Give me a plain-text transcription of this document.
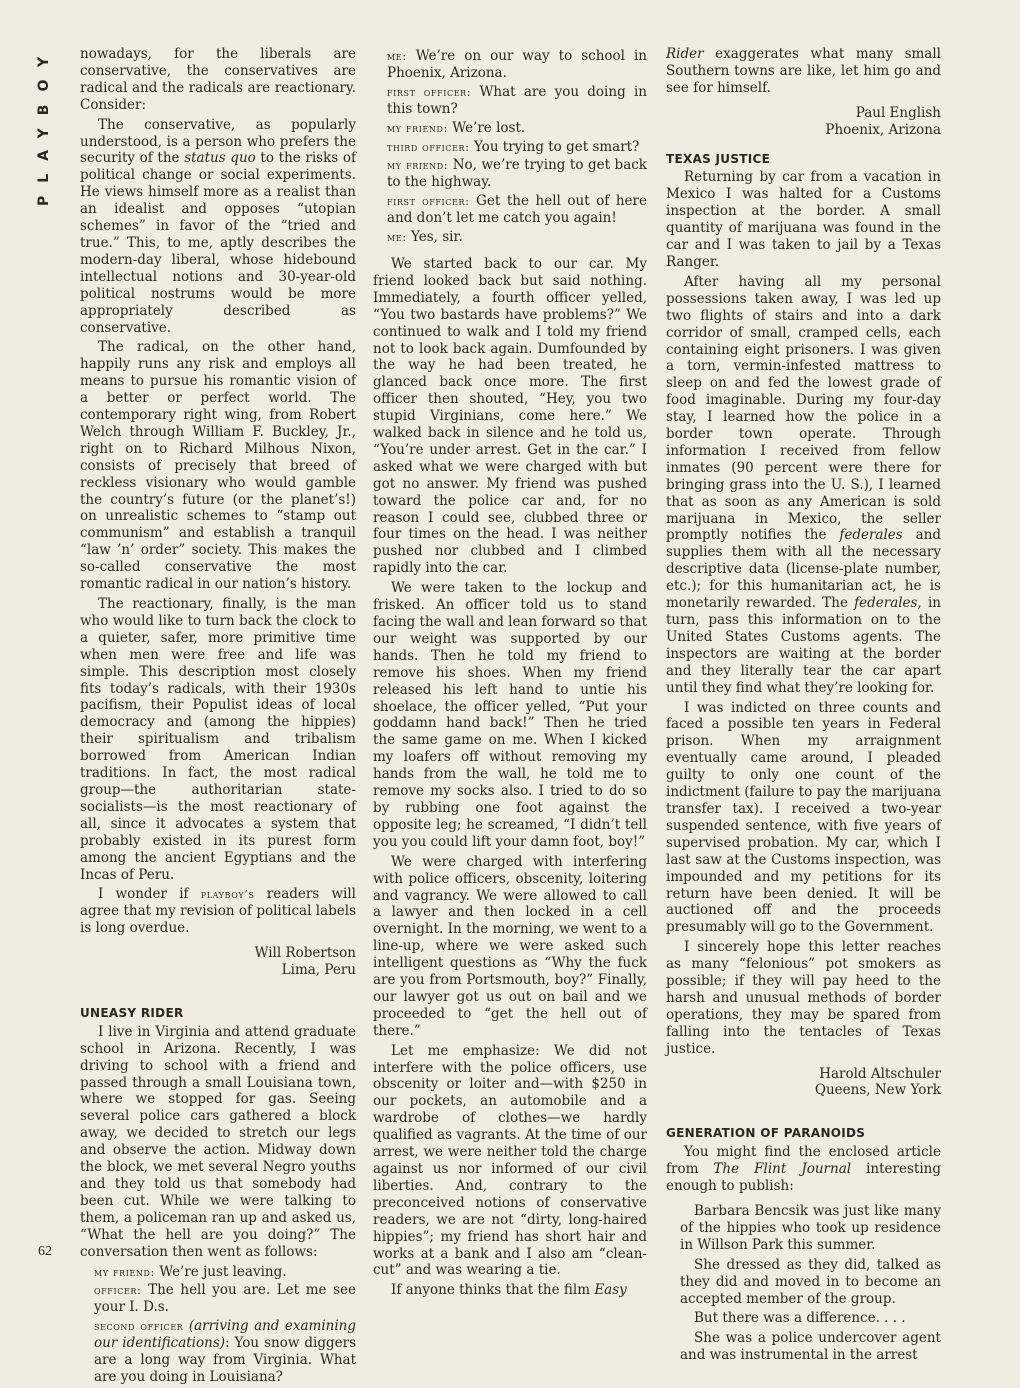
PLAYBOY
62

nowadays, for the liberals are conservative, the conservatives are radical and the radicals are reactionary. Consider:

The conservative, as popularly understood, is a person who prefers the security of the status quo to the risks of political change or social experiments. He views himself more as a realist than an idealist and opposes “utopian schemes” in favor of the “tried and true.” This, to me, aptly describes the modern-day liberal, whose hidebound intellectual notions and 30-year-old political nostrums would be more appropriately described as conservative.

The radical, on the other hand, happily runs any risk and employs all means to pursue his romantic vision of a better or perfect world. The contemporary right wing, from Robert Welch through William F. Buckley, Jr., right on to Richard Milhous Nixon, consists of precisely that breed of reckless visionary who would gamble the country’s future (or the planet’s!) on unrealistic schemes to “stamp out communism” and establish a tranquil “law ’n’ order” society. This makes the so-called conservative the most romantic radical in our nation’s history.

The reactionary, finally, is the man who would like to turn back the clock to a quieter, safer, more primitive time when men were free and life was simple. This description most closely fits today’s radicals, with their 1930s pacifism, their Populist ideas of local democracy and (among the hippies) their spiritualism and tribalism borrowed from American Indian traditions. In fact, the most radical group—the authoritarian state-socialists—is the most reactionary of all, since it advocates a system that probably existed in its purest form among the ancient Egyptians and the Incas of Peru.

I wonder if playboy’s readers will agree that my revision of political labels is long overdue.

Will Robertson
Lima, Peru
UNEASY RIDER

I live in Virginia and attend graduate school in Arizona. Recently, I was driving to school with a friend and passed through a small Louisiana town, where we stopped for gas. Seeing several police cars gathered a block away, we decided to stretch our legs and observe the action. Midway down the block, we met several Negro youths and they told us that somebody had been cut. While we were talking to them, a policeman ran up and asked us, “What the hell are you doing?” The conversation then went as follows:

my friend: We’re just leaving.

officer: The hell you are. Let me see your I. D.s.

second officer (arriving and examining our identifications): You snow diggers are a long way from Virginia. What are you doing in Louisiana?

me: We’re on our way to school in Phoenix, Arizona.

first officer: What are you doing in this town?

my friend: We’re lost.

third officer: You trying to get smart?

my friend: No, we’re trying to get back to the highway.

first officer: Get the hell out of here and don’t let me catch you again!

me: Yes, sir.

We started back to our car. My friend looked back but said nothing. Immediately, a fourth officer yelled, “You two bastards have problems?” We continued to walk and I told my friend not to look back again. Dumfounded by the way he had been treated, he glanced back once more. The first officer then shouted, “Hey, you two stupid Virginians, come here.” We walked back in silence and he told us, “You’re under arrest. Get in the car.” I asked what we were charged with but got no answer. My friend was pushed toward the police car and, for no reason I could see, clubbed three or four times on the head. I was neither pushed nor clubbed and I climbed rapidly into the car.

We were taken to the lockup and frisked. An officer told us to stand facing the wall and lean forward so that our weight was supported by our hands. Then he told my friend to remove his shoes. When my friend released his left hand to untie his shoelace, the officer yelled, “Put your goddamn hand back!” Then he tried the same game on me. When I kicked my loafers off without removing my hands from the wall, he told me to remove my socks also. I tried to do so by rubbing one foot against the opposite leg; he screamed, “I didn’t tell you you could lift your damn foot, boy!”

We were charged with interfering with police officers, obscenity, loitering and vagrancy. We were allowed to call a lawyer and then locked in a cell overnight. In the morning, we went to a line-up, where we were asked such intelligent questions as “Why the fuck are you from Portsmouth, boy?” Finally, our lawyer got us out on bail and we proceeded to “get the hell out of there.”

Let me emphasize: We did not interfere with the police officers, use obscenity or loiter and—with $250 in our pockets, an automobile and a wardrobe of clothes—we hardly qualified as vagrants. At the time of our arrest, we were neither told the charge against us nor informed of our civil liberties. And, contrary to the preconceived notions of conservative readers, we are not “dirty, long-haired hippies”; my friend has short hair and works at a bank and I also am “clean-cut” and was wearing a tie.

If anyone thinks that the film Easy

Rider exaggerates what many small Southern towns are like, let him go and see for himself.

Paul English
Phoenix, Arizona
TEXAS JUSTICE

Returning by car from a vacation in Mexico I was halted for a Customs inspection at the border. A small quantity of marijuana was found in the car and I was taken to jail by a Texas Ranger.

After having all my personal possessions taken away, I was led up two flights of stairs and into a dark corridor of small, cramped cells, each containing eight prisoners. I was given a torn, vermin-infested mattress to sleep on and fed the lowest grade of food imaginable. During my four-day stay, I learned how the police in a border town operate. Through information I received from fellow inmates (90 percent were there for bringing grass into the U. S.), I learned that as soon as any American is sold marijuana in Mexico, the seller promptly notifies the federales and supplies them with all the necessary descriptive data (license-plate number, etc.); for this humanitarian act, he is monetarily rewarded. The federales, in turn, pass this information on to the United States Customs agents. The inspectors are waiting at the border and they literally tear the car apart until they find what they’re looking for.

I was indicted on three counts and faced a possible ten years in Federal prison. When my arraignment eventually came around, I pleaded guilty to only one count of the indictment (failure to pay the marijuana transfer tax). I received a two-year suspended sentence, with five years of supervised probation. My car, which I last saw at the Customs inspection, was impounded and my petitions for its return have been denied. It will be auctioned off and the proceeds presumably will go to the Government.

I sincerely hope this letter reaches as many “felonious” pot smokers as possible; if they will pay heed to the harsh and unusual methods of border operations, they may be spared from falling into the tentacles of Texas justice.

Harold Altschuler
Queens, New York
GENERATION OF PARANOIDS

You might find the enclosed article from The Flint Journal interesting enough to publish:

Barbara Bencsik was just like many of the hippies who took up residence in Willson Park this summer.

She dressed as they did, talked as they did and moved in to become an accepted member of the group.

But there was a difference. . . .

She was a police undercover agent and was instrumental in the arrest
